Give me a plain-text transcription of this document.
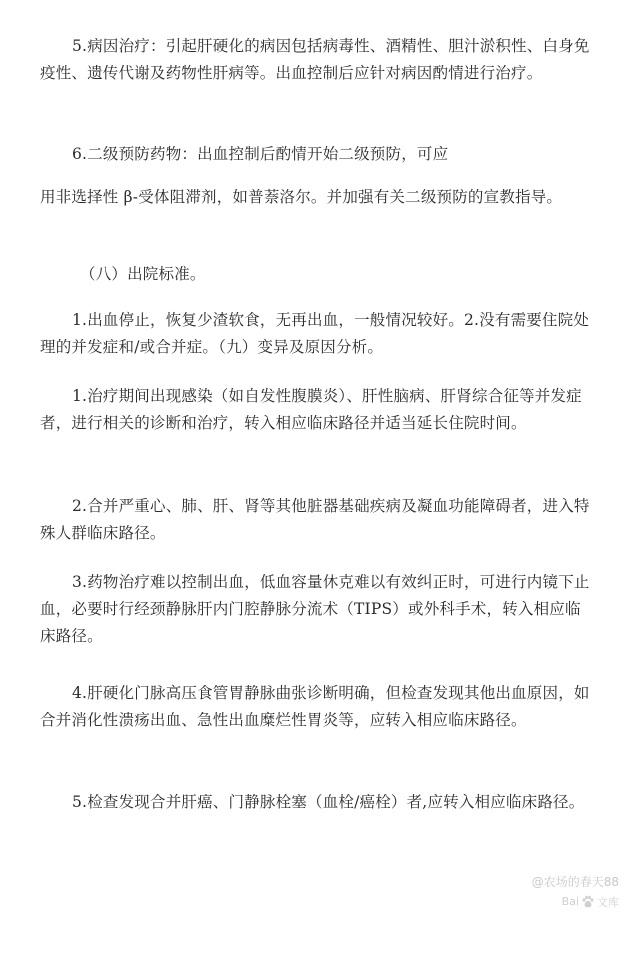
5.病因治疗：引起肝硬化的病因包括病毒性、酒精性、胆汁淤积性、白身免疫性、遗传代谢及药物性肝病等。出血控制后应针对病因酌情进行治疗。

6.二级预防药物：出血控制后酌情开始二级预防，可应

用非选择性 β-受体阻滞剂，如普萘洛尔。并加强有关二级预防的宣教指导。

（八）出院标准。

1.出血停止，恢复少渣软食，无再出血，一般情况较好。2.没有需要住院处理的并发症和/或合并症。（九）变异及原因分析。

1.治疗期间出现感染（如自发性腹膜炎）、肝性脑病、肝肾综合征等并发症者，进行相关的诊断和治疗，转入相应临床路径并适当延长住院时间。

2.合并严重心、肺、肝、肾等其他脏器基础疾病及凝血功能障碍者，进入特殊人群临床路径。

3.药物治疗难以控制出血，低血容量休克难以有效纠正时，可进行内镜下止血，必要时行经颈静脉肝内门腔静脉分流术（TIPS）或外科手术，转入相应临床路径。

4.肝硬化门脉高压食管胃静脉曲张诊断明确，但检查发现其他出血原因，如合并消化性溃疡出血、急性出血糜烂性胃炎等，应转入相应临床路径。

5.检查发现合并肝癌、门静脉栓塞（血栓/癌栓）者,应转入相应临床路径。

@农场的春天88
Bai 文库
